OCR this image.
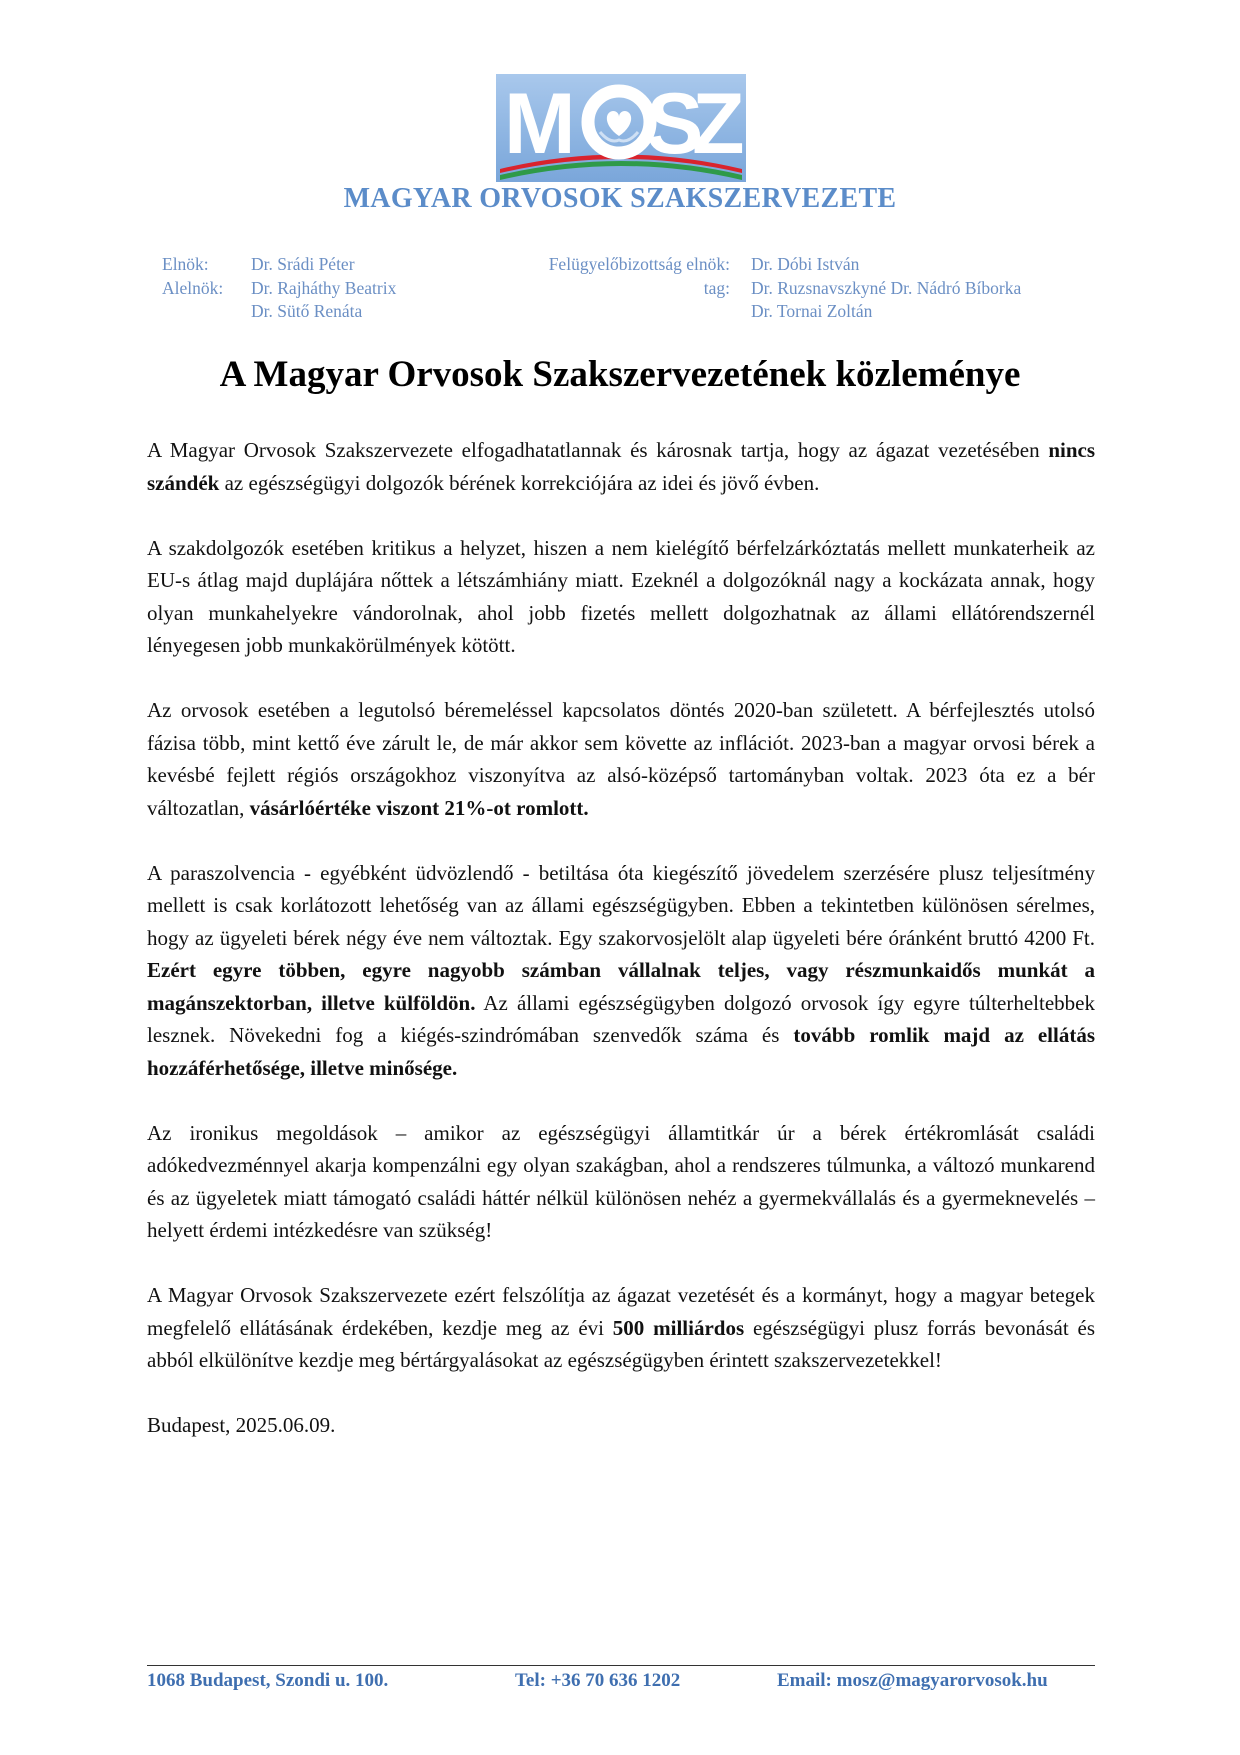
M S
Z
MAGYAR ORVOSOK SZAKSZERVEZETE
Elnök:
Alelnök:
Dr. Srádi Péter
Dr. Rajháthy Beatrix
Dr. Sütő Renáta
Felügyelőbizottság elnök:
tag:
Dr. Dóbi István
Dr. Ruzsnavszkyné Dr. Nádró Bíborka
Dr. Tornai Zoltán
A Magyar Orvosok Szakszervezetének közleménye

A Magyar Orvosok Szakszervezete elfogadhatatlannak és károsnak tartja, hogy az ágazat vezetésében nincs szándék az egészségügyi dolgozók bérének korrekciójára az idei és jövő évben.

A szakdolgozók esetében kritikus a helyzet, hiszen a nem kielégítő bérfelzárkóztatás mellett munkaterheik az EU-s átlag majd duplájára nőttek a létszámhiány miatt. Ezeknél a dolgozóknál nagy a kockázata annak, hogy olyan munkahelyekre vándorolnak, ahol jobb fizetés mellett dolgozhatnak az állami ellátórendszernél lényegesen jobb munkakörülmények kötött.

Az orvosok esetében a legutolsó béremeléssel kapcsolatos döntés 2020-ban született. A bérfejlesztés utolsó fázisa több, mint kettő éve zárult le, de már akkor sem követte az inflációt. 2023-ban a magyar orvosi bérek a kevésbé fejlett régiós országokhoz viszonyítva az alsó-középső tartományban voltak. 2023 óta ez a bér változatlan, vásárlóértéke viszont 21%-ot romlott.

A paraszolvencia - egyébként üdvözlendő - betiltása óta kiegészítő jövedelem szerzésére plusz teljesítmény mellett is csak korlátozott lehetőség van az állami egészségügyben. Ebben a tekintetben különösen sérelmes, hogy az ügyeleti bérek négy éve nem változtak. Egy szakorvosjelölt alap ügyeleti bére óránként bruttó 4200 Ft. Ezért egyre többen, egyre nagyobb számban vállalnak teljes, vagy részmunkaidős munkát a magánszektorban, illetve külföldön. Az állami egészségügyben dolgozó orvosok így egyre túlterheltebbek lesznek. Növekedni fog a kiégés-szindrómában szenvedők száma és tovább romlik majd az ellátás hozzáférhetősége, illetve minősége.

Az ironikus megoldások – amikor az egészségügyi államtitkár úr a bérek értékromlását családi adókedvezménnyel akarja kompenzálni egy olyan szakágban, ahol a rendszeres túlmunka, a változó munkarend és az ügyeletek miatt támogató családi háttér nélkül különösen nehéz a gyermekvállalás és a gyermeknevelés – helyett érdemi intézkedésre van szükség!

A Magyar Orvosok Szakszervezete ezért felszólítja az ágazat vezetését és a kormányt, hogy a magyar betegek megfelelő ellátásának érdekében, kezdje meg az évi 500 milliárdos egészségügyi plusz forrás bevonását és abból elkülönítve kezdje meg bértárgyalásokat az egészségügyben érintett szakszervezetekkel!

Budapest, 2025.06.09.

1068 Budapest, Szondi u. 100.	Tel: +36 70 636 1202	Email: mosz@magyarorvosok.hu
